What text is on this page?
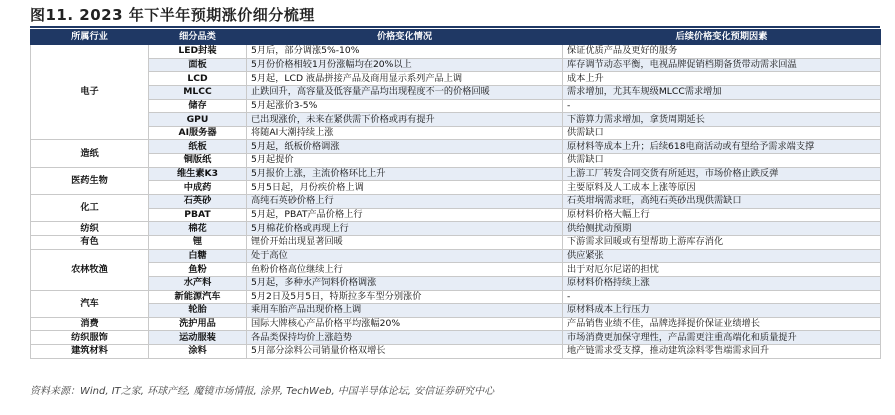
图11. 2023 年下半年预期涨价细分梳理
所属行业	细分品类	价格变化情况	后续价格变化预期因素
电子	LED封装	5月后，部分调涨5%-10%	保证优质产品及更好的服务
	面板	5月份价格相较1月份涨幅均在20%以上	库存调节动态平衡，电视品牌促销档期备货带动需求回温
	LCD	5月起，LCD 液晶拼接产品及商用显示系列产品上调	成本上升
	MLCC	止跌回升，高容量及低容量产品均出现程度不一的价格回暖	需求增加，尤其车规级MLCC需求增加
	储存	5月起涨价3-5%	-
	GPU	已出现涨价，未来在紧供需下价格或再有提升	下游算力需求增加，拿货周期延长
	AI服务器	将随AI大潮持续上涨	供需缺口
造纸	纸板	5月起，纸板价格调涨	原材料等成本上升；后续618电商活动或有望给予需求端支撑
	铜版纸	5月起提价	供需缺口
医药生物	维生素K3	5月报价上涨，主流价格环比上升	上游工厂转发合同交货有所延迟，市场价格止跌反弹
	中成药	5月5日起，月份疾价格上调	主要原料及人工成本上涨等原因
化工	石英砂	高纯石英砂价格上行	石英坩埚需求旺，高纯石英砂出现供需缺口
	PBAT	5月起，PBAT产品价格上行	原材料价格大幅上行
纺织	棉花	5月棉花价格或再现上行	供给侧扰动预期
有色	锂	锂价开始出现显著回暖	下游需求回暖或有望帮助上游库存消化
农林牧渔	白糖	处于高位	供应紧张
	鱼粉	鱼粉价格高位继续上行	出于对厄尔尼诺的担忧
	水产料	5月起，多种水产饲料价格调涨	原材料价格持续上涨
汽车	新能源汽车	5月2日及5月5日，特斯拉多车型分别涨价	-
	轮胎	乘用车胎产品出现价格上调	原材料成本上行压力
消费	洗护用品	国际大牌核心产品价格平均涨幅20%	产品销售业绩不佳，品牌选择提价保证业绩增长
纺织服饰	运动服装	各品类保持均价上涨趋势	市场消费更加保守理性，产品需更注重高端化和质量提升
建筑材料	涂料	5月部分涂料公司销量价格双增长	地产链需求受支撑，推动建筑涂料零售端需求回升
资料来源：Wind, IT之家, 环球产经, 魔镜市场情报, 涂界, TechWeb, 中国半导体论坛, 安信证券研究中心
